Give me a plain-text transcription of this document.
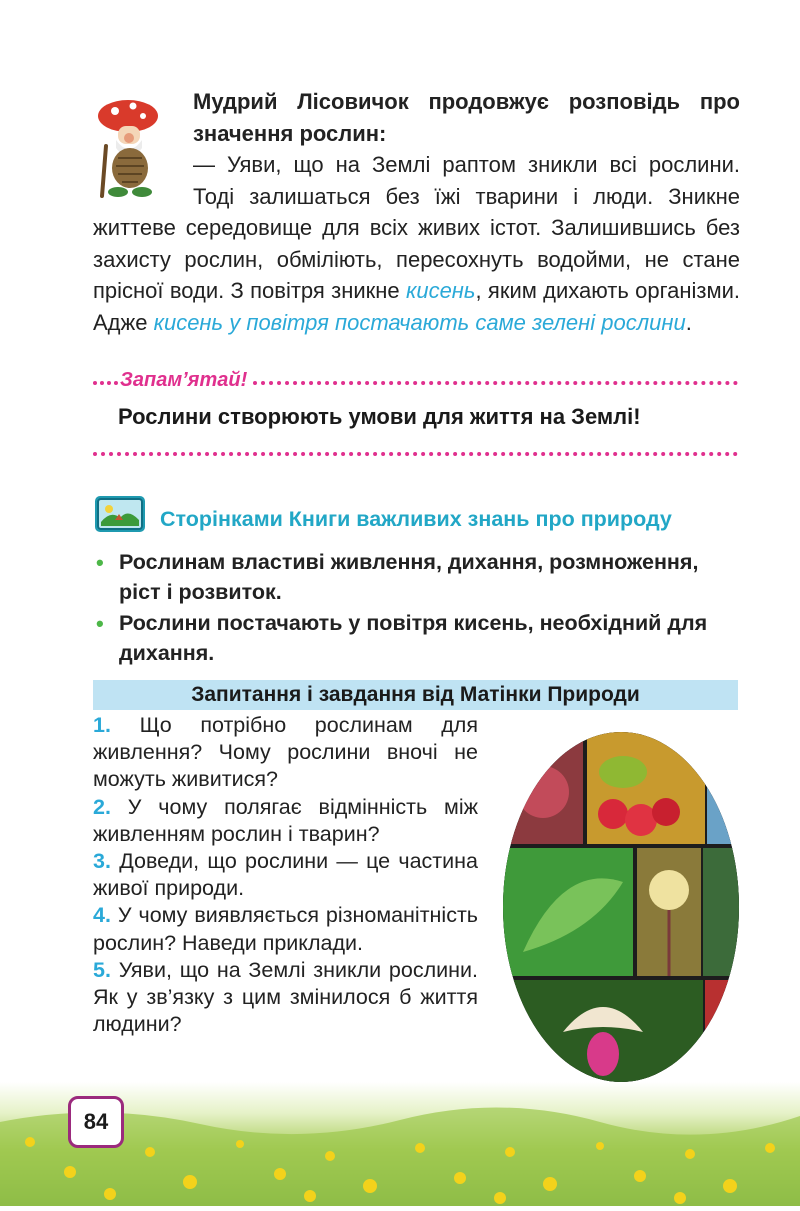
Мудрий Лісовичок продовжує розповідь про значення рослин:

— Уяви, що на Землі раптом зникли всі рослини. Тоді залишаться без їжі тварини і люди. Зникне життеве середовище для всіх живих істот. Залишившись без захисту рослин, обміліють, пересохнуть водойми, не стане прісної води. З повітря зникне кисень, яким дихають організми. Адже кисень у повітря постачають саме зелені рослини.

Запам’ятай!
Рослини створюють умови для життя на Землі!
Сторінками Книги важливих знань про природу
• Рослинам властиві живлення, дихання, розмноження, ріст і розвиток.
• Рослини постачають у повітря кисень, необхідний для дихання.
Запитання і завдання від Матінки Природи

1. Що потрібно рослинам для живлення? Чому рослини вночі не можуть живитися?

2. У чому полягає відмінність між живленням рослин і тварин?

3. Доведи, що рослини — це частина живої природи.

4. У чому виявляється різноманітність рослин? Наведи приклади.

5. Уяви, що на Землі зникли рослини. Як у зв’язку з цим змінилося б життя людини?

84
